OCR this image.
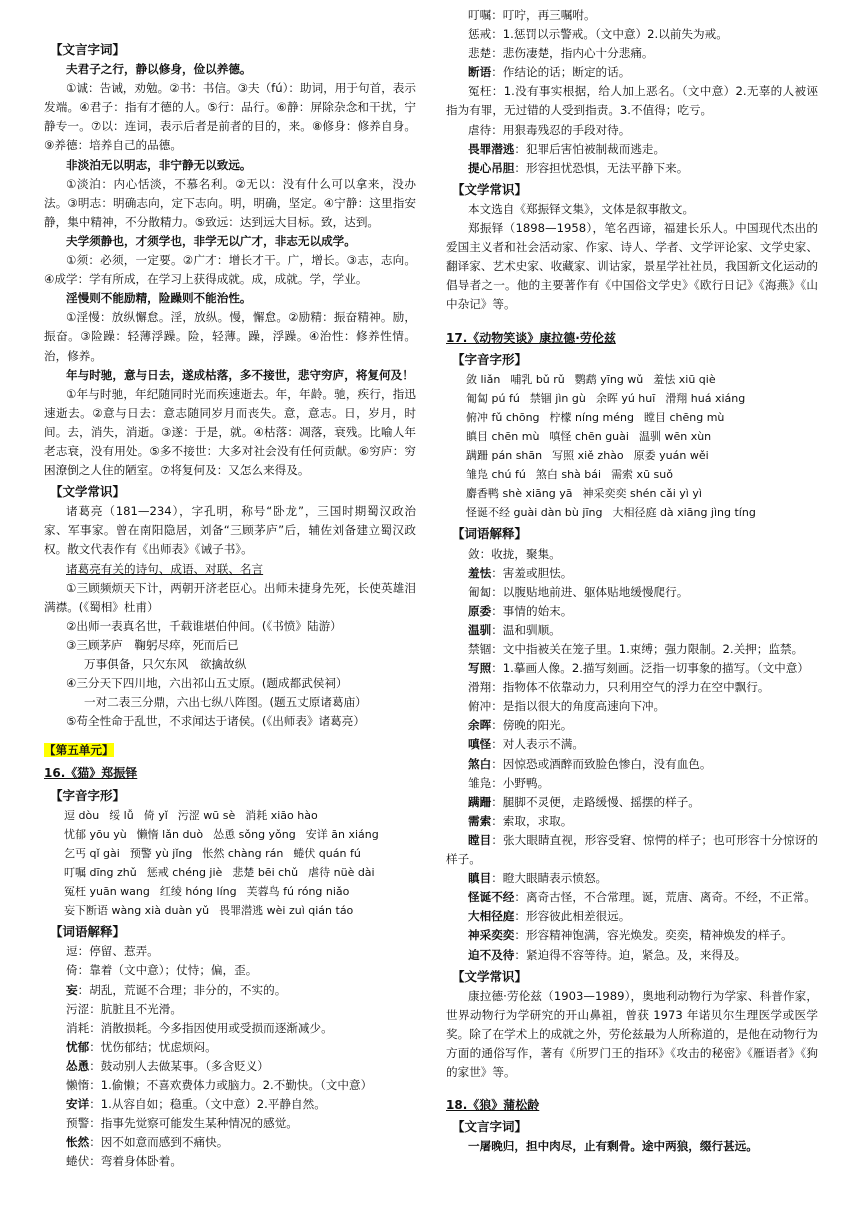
【文言字词】
夫君子之行，静以修身，俭以养德。
①诚：告诫，劝勉。②书：书信。③夫（fú）：助词，用于句首，表示发端。④君子：指有才德的人。⑤行：品行。⑥静：屏除杂念和干扰，宁静专一。⑦以：连词，表示后者是前者的目的，来。⑧修身：修养自身。⑨养德：培养自己的品德。
非淡泊无以明志，非宁静无以致远。
①淡泊：内心恬淡，不慕名利。②无以：没有什么可以拿来，没办法。③明志：明确志向，定下志向。明，明确，坚定。④宁静：这里指安静，集中精神，不分散精力。⑤致远：达到远大目标。致，达到。
夫学须静也，才须学也，非学无以广才，非志无以成学。
①须：必须，一定要。②广才：增长才干。广，增长。③志，志向。④成学：学有所成，在学习上获得成就。成，成就。学，学业。
淫慢则不能励精，险躁则不能治性。
①淫慢：放纵懈怠。淫，放纵。慢，懈怠。②励精：振奋精神。励，振奋。③险躁：轻薄浮躁。险，轻薄。躁，浮躁。④治性：修养性情。治，修养。
年与时驰，意与日去，遂成枯落，多不接世，悲守穷庐，将复何及！
①年与时驰，年纪随同时光而疾速逝去。年，年龄。驰，疾行，指迅速逝去。②意与日去：意志随同岁月而丧失。意，意志。日，岁月，时间。去，消失，消逝。③遂：于是，就。④枯落：凋落，衰残。比喻人年老志衰，没有用处。⑤多不接世：大多对社会没有任何贡献。⑥穷庐：穷困潦倒之人住的陋室。⑦将复何及：又怎么来得及。
【文学常识】
诸葛亮（181—234），字孔明，称号“卧龙”，三国时期蜀汉政治家、军事家。曾在南阳隐居，刘备“三顾茅庐”后，辅佐刘备建立蜀汉政权。散文代表作有《出师表》《诫子书》。
诸葛亮有关的诗句、成语、对联、名言
①三顾频烦天下计，两朝开济老臣心。出师未捷身先死，长使英雄泪满襟。(《蜀相》杜甫）
②出师一表真名世，千载谁堪伯仲间。(《书愤》陆游）
③三顾茅庐　鞠躬尽瘁，死而后已
万事俱备，只欠东风　欲擒故纵
④三分天下四川地，六出祁山五丈原。(题成都武侯祠）
一对二表三分鼎，六出七纵八阵图。(题五丈原诸葛庙）
⑤苟全性命于乱世，不求闻达于诸侯。(《出师表》诸葛亮）
【第五单元】
16.《猫》郑振铎
【字音字形】
逗 dòu 绥 lǚ 倚 yǐ 污涩 wū sè 消耗 xiāo hào
忧郁 yōu yù 懒惰 lǎn duò 怂恿 sǒng yǒng 安详 ān xiáng
乞丐 qǐ gài 预警 yù jǐng 怅然 chàng rán 蜷伏 quán fú
叮嘱 dīng zhǔ 惩戒 chéng jiè 悲楚 bēi chǔ 虐待 nüè dài
冤枉 yuān wang 红绫 hóng líng 芙蓉鸟 fú róng niǎo
妄下断语 wàng xià duàn yǔ 畏罪潜逃 wèi zuì qián táo
【词语解释】
逗：停留、惹弄。
倚：靠着（文中意）；仗恃；偏，歪。
妄：胡乱，荒诞不合理；非分的，不实的。
污涩：肮脏且不光滑。
消耗：消散损耗。今多指因使用或受损而逐渐减少。
忧郁：忧伤郁结；忧虑烦闷。
怂恿：鼓动别人去做某事。（多含贬义）
懒惰：1.偷懒；不喜欢费体力或脑力。2.不勤快。（文中意）
安详：1.从容自如；稳重。（文中意）2.平静自然。
预警：指事先觉察可能发生某种情况的感觉。
怅然：因不如意而感到不痛快。
蜷伏：弯着身体卧着。
叮嘱：叮咛，再三嘱咐。
惩戒：1.惩罚以示警戒。（文中意）2.以前失为戒。
悲楚：悲伤凄楚，指内心十分悲痛。
断语：作结论的话；断定的话。
冤枉：1.没有事实根据，给人加上恶名。（文中意）2.无辜的人被诬指为有罪，无过错的人受到指责。3.不值得；吃亏。
虐待：用狠毒残忍的手段对待。
畏罪潜逃：犯罪后害怕被制裁而逃走。
提心吊胆：形容担忧恐惧，无法平静下来。
【文学常识】
本文选自《郑振铎文集》，文体是叙事散文。
郑振铎（1898—1958），笔名西谛，福建长乐人。中国现代杰出的爱国主义者和社会活动家、作家、诗人、学者、文学评论家、文学史家、翻译家、艺术史家、收藏家、训诂家，景星学社社员，我国新文化运动的倡导者之一。他的主要著作有《中国俗文学史》《欧行日记》《海燕》《山中杂记》等。
17.《动物笑谈》康拉德·劳伦兹
【字音字形】
敛 liǎn 哺乳 bǔ rǔ 鹦鹉 yīng wǔ 羞怯 xiū qiè
匍匐 pú fú 禁锢 jìn gù 余晖 yú huī 滑翔 huá xiáng
俯冲 fǔ chōng 柠檬 níng méng 瞠目 chēng mù
瞋目 chēn mù 嗔怪 chēn guài 温驯 wēn xùn
蹒跚 pán shān 写照 xiě zhào 原委 yuán wěi
雏凫 chú fú 煞白 shà bái 需索 xū suǒ
麝香鸭 shè xiāng yā 神采奕奕 shén cǎi yì yì
怪诞不经 guài dàn bù jīng 大相径庭 dà xiāng jìng tíng
【词语解释】
敛：收拢，聚集。
羞怯：害羞或胆怯。
匍匐：以腹贴地前进、躯体贴地缓慢爬行。
原委：事情的始末。
温驯：温和驯顺。
禁锢：文中指被关在笼子里。1.束缚；强力限制。2.关押；监禁。
写照：1.摹画人像。2.描写刻画。泛指一切事象的描写。（文中意）
滑翔：指物体不依靠动力，只利用空气的浮力在空中飘行。
俯冲：是指以很大的角度高速向下冲。
余晖：傍晚的阳光。
嗔怪：对人表示不满。
煞白：因惊恐或酒醉而致脸色惨白，没有血色。
雏凫：小野鸭。
蹒跚：腿脚不灵便，走路缓慢、摇摆的样子。
需索：索取，求取。
瞠目：张大眼睛直视，形容受窘、惊愕的样子；也可形容十分惊讶的样子。
瞋目：瞪大眼睛表示愤怒。
怪诞不经：离奇古怪，不合常理。诞，荒唐、离奇。不经，不正常。
大相径庭：形容彼此相差很远。
神采奕奕：形容精神饱满，容光焕发。奕奕，精神焕发的样子。
迫不及待：紧迫得不容等待。迫，紧急。及，来得及。
【文学常识】
康拉德·劳伦兹（1903—1989），奥地利动物行为学家、科普作家，世界动物行为学研究的开山鼻祖，曾获 1973 年诺贝尔生理医学或医学奖。除了在学术上的成就之外，劳伦兹最为人所称道的，是他在动物行为方面的通俗写作，著有《所罗门王的指环》《攻击的秘密》《雁语者》《狗的家世》等。
18.《狼》蒲松龄
【文言字词】
一屠晚归，担中肉尽，止有剩骨。途中两狼，缀行甚远。
